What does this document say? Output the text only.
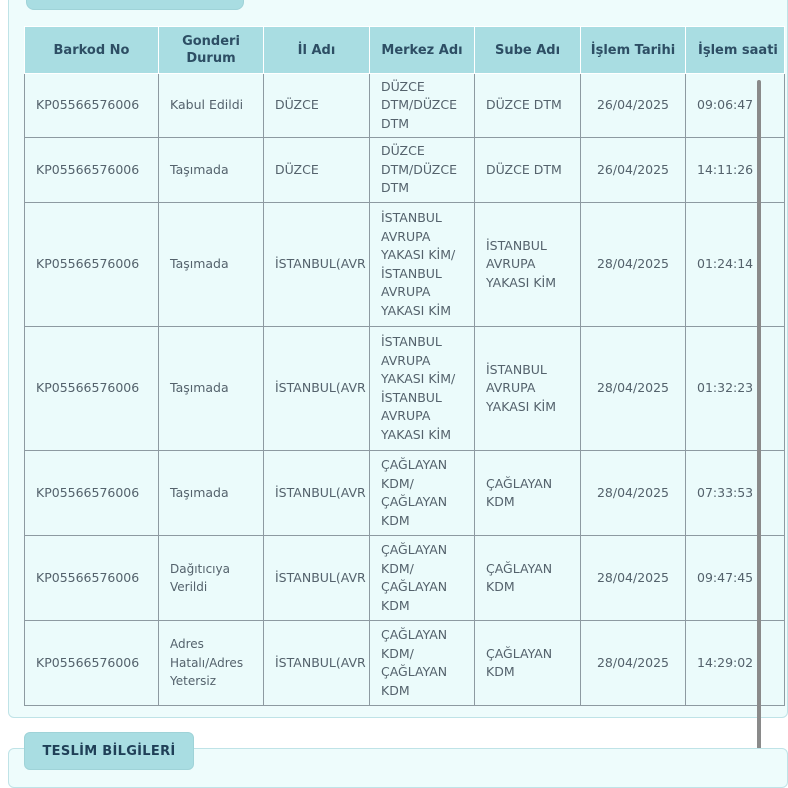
Barkod No	Gonderi Durum	İl Adı	Merkez Adı	Sube Adı	İşlem Tarihi	İşlem saati
KP05566576006	Kabul Edildi	DÜZCE	DÜZCE DTM/DÜZCE DTM	DÜZCE DTM	26/04/2025	09:06:47
KP05566576006	Taşımada	DÜZCE	DÜZCE DTM/DÜZCE DTM	DÜZCE DTM	26/04/2025	14:11:26
KP05566576006	Taşımada	İSTANBUL(AVR	İSTANBUL AVRUPA YAKASI KİM/ İSTANBUL AVRUPA YAKASI KİM	İSTANBUL AVRUPA YAKASI KİM	28/04/2025	01:24:14
KP05566576006	Taşımada	İSTANBUL(AVR	İSTANBUL AVRUPA YAKASI KİM/ İSTANBUL AVRUPA YAKASI KİM	İSTANBUL AVRUPA YAKASI KİM	28/04/2025	01:32:23
KP05566576006	Taşımada	İSTANBUL(AVR	ÇAĞLAYAN KDM/ ÇAĞLAYAN KDM	ÇAĞLAYAN KDM	28/04/2025	07:33:53
KP05566576006	Dağıtıcıya Verildi	İSTANBUL(AVR	ÇAĞLAYAN KDM/ ÇAĞLAYAN KDM	ÇAĞLAYAN KDM	28/04/2025	09:47:45
KP05566576006	Adres Hatalı/Adres Yetersiz	İSTANBUL(AVR	ÇAĞLAYAN KDM/ ÇAĞLAYAN KDM	ÇAĞLAYAN KDM	28/04/2025	14:29:02
TESLİM BİLGİLERİ
